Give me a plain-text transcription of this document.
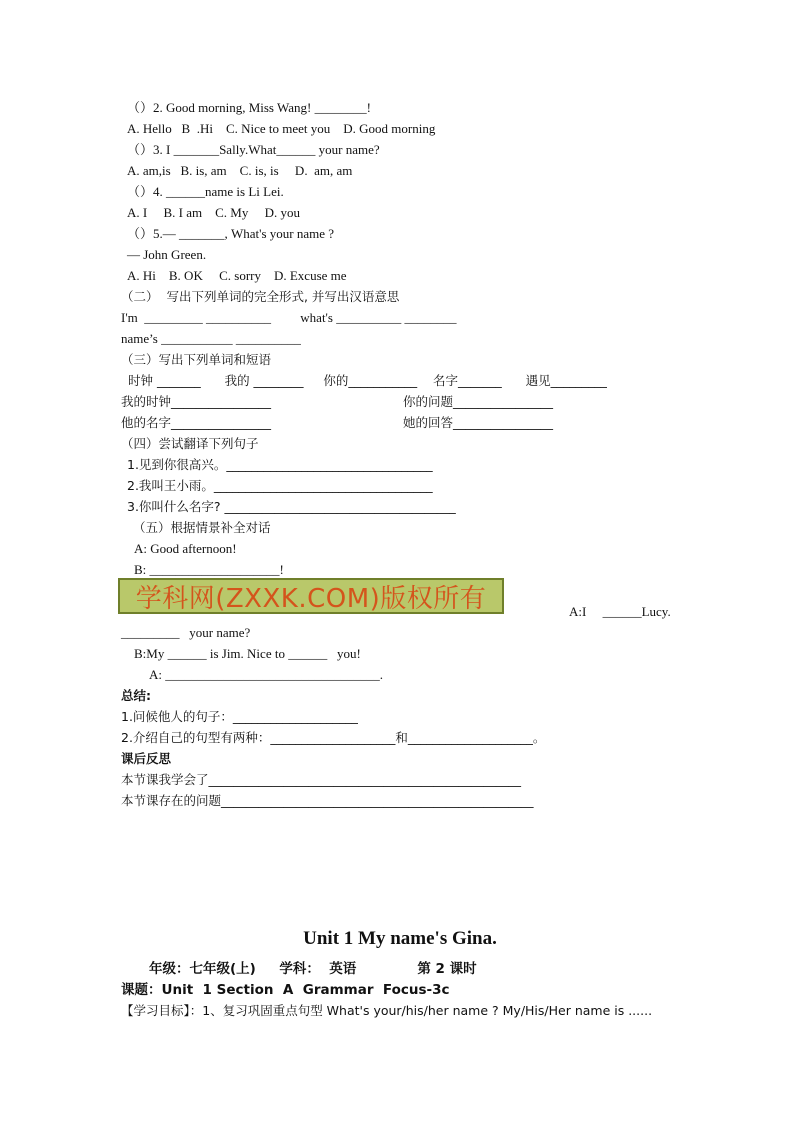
（）2. Good morning, Miss Wang! ________!
A. Hello   B  .Hi    C. Nice to meet you    D. Good morning
（）3. I _______Sally.What______ your name?
A. am,is   B. is, am    C. is, is     D.  am, am
（）4. ______name is Li Lei.
A. I     B. I am    C. My     D. you
（）5.— _______, What's your name ?
— John Green.
A. Hi    B. OK     C. sorry    D. Excuse me
（二）  写出下列单词的完全形式, 并写出汉语意思
I'm  _________ __________         what's __________ ________
name’s ___________ __________
（三）写出下列单词和短语
时钟 _______      我的 ________     你的___________    名字_______      遇见_________
我的时钟________________	你的问题________________
他的名字________________	她的回答________________
（四）尝试翻译下列句子
1.见到你很高兴。_________________________________
2.我叫王小雨。___________________________________
3.你叫什么名字? _____________________________________
（五）根据情景补全对话
A: Good afternoon!
B: ____________________!
学科网(ZXXK.COM)版权所有	A:I     ______Lucy.
_________   your name?
B:My ______ is Jim. Nice to ______   you!
A: _________________________________.
总结:
1.问候他人的句子：____________________
2.介绍自己的句型有两种：____________________和____________________。
课后反思
本节课我学会了__________________________________________________
本节课存在的问题__________________________________________________
Unit 1 My name's Gina.
年级：七年级(上)     学科：  英语             第 2 课时
课题：Unit  1 Section  A  Grammar  Focus-3c
【学习目标】：1、复习巩固重点句型 What's your/his/her name ? My/His/Her name is ......
